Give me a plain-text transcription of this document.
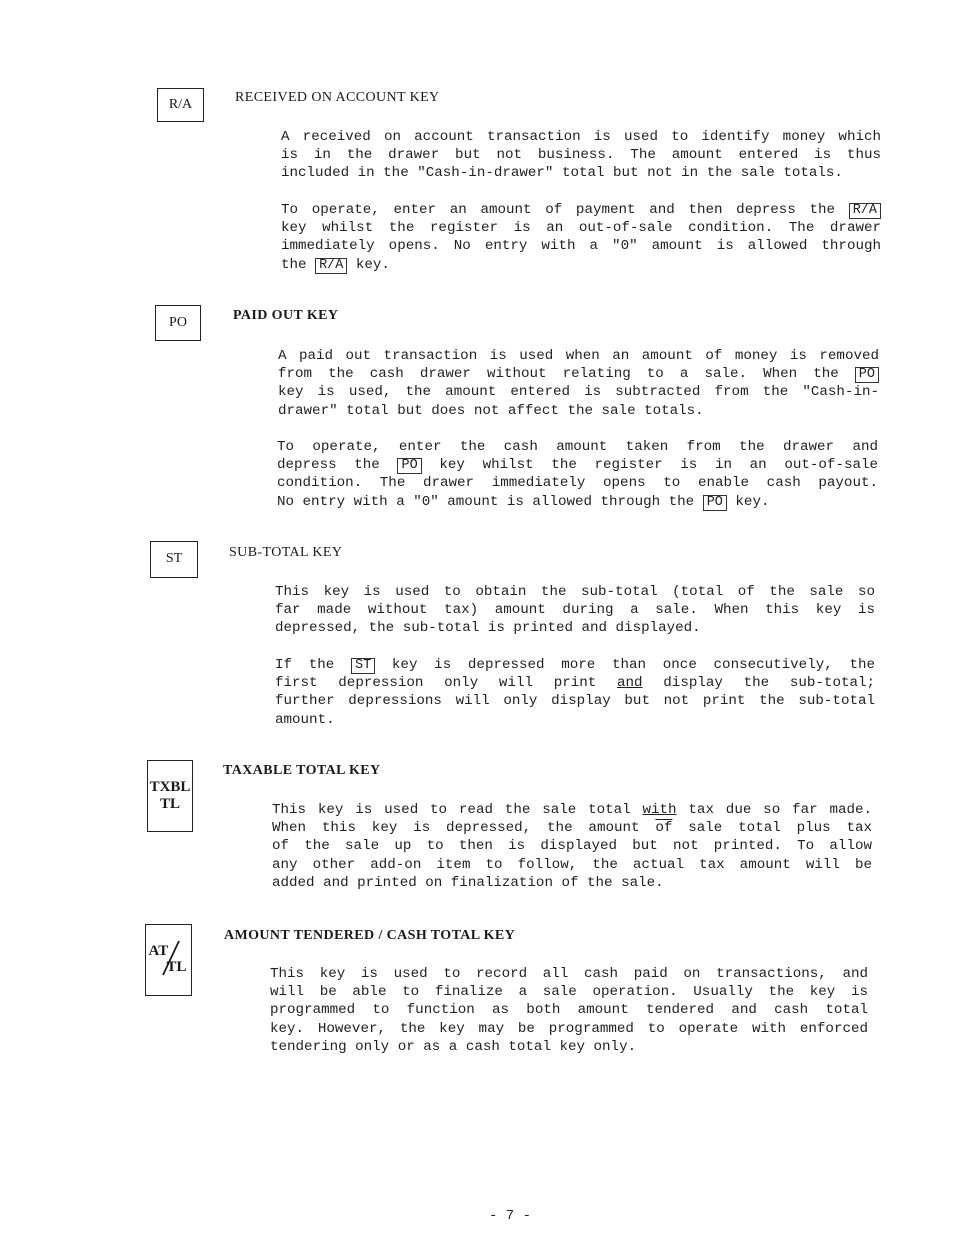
R/A	RECEIVED ON ACCOUNT KEY
A received on account transaction is used to identify money which
is in the drawer but not business. The amount entered is thus
included in the "Cash-in-drawer" total but not in the sale totals.
To operate, enter an amount of payment and then depress the R/A
key whilst the register is an out-of-sale condition. The drawer
immediately opens. No entry with a "0" amount is allowed through
the R/A key.
PO	PAID OUT KEY
A paid out transaction is used when an amount of money is removed
from the cash drawer without relating to a sale. When the PO
key is used, the amount entered is subtracted from the "Cash-in-
drawer" total but does not affect the sale totals.
To operate, enter the cash amount taken from the drawer and
depress the PO key whilst the register is in an out-of-sale
condition. The drawer immediately opens to enable cash payout.
No entry with a "0" amount is allowed through the PO key.
ST	SUB-TOTAL KEY
This key is used to obtain the sub-total (total of the sale so
far made without tax) amount during a sale. When this key is
depressed, the sub-total is printed and displayed.
If the ST key is depressed more than once consecutively, the
first depression only will print and display the sub-total;
further depressions will only display but not print the sub-total
amount.
TXBL
TL
TAXABLE TOTAL KEY
This key is used to read the sale total with tax due so far made.
When this key is depressed, the amount $\overline{of}$ sale total plus tax
of the sale up to then is displayed but not printed. To allow
any other add-on item to follow, the actual tax amount will be
added and printed on finalization of the sale.
AT
TL
AMOUNT TENDERED / CASH TOTAL KEY
This key is used to record all cash paid on transactions, and
will be able to finalize a sale operation. Usually the key is
programmed to function as both amount tendered and cash total
key. However, the key may be programmed to operate with enforced
tendering only or as a cash total key only.
- 7 -
